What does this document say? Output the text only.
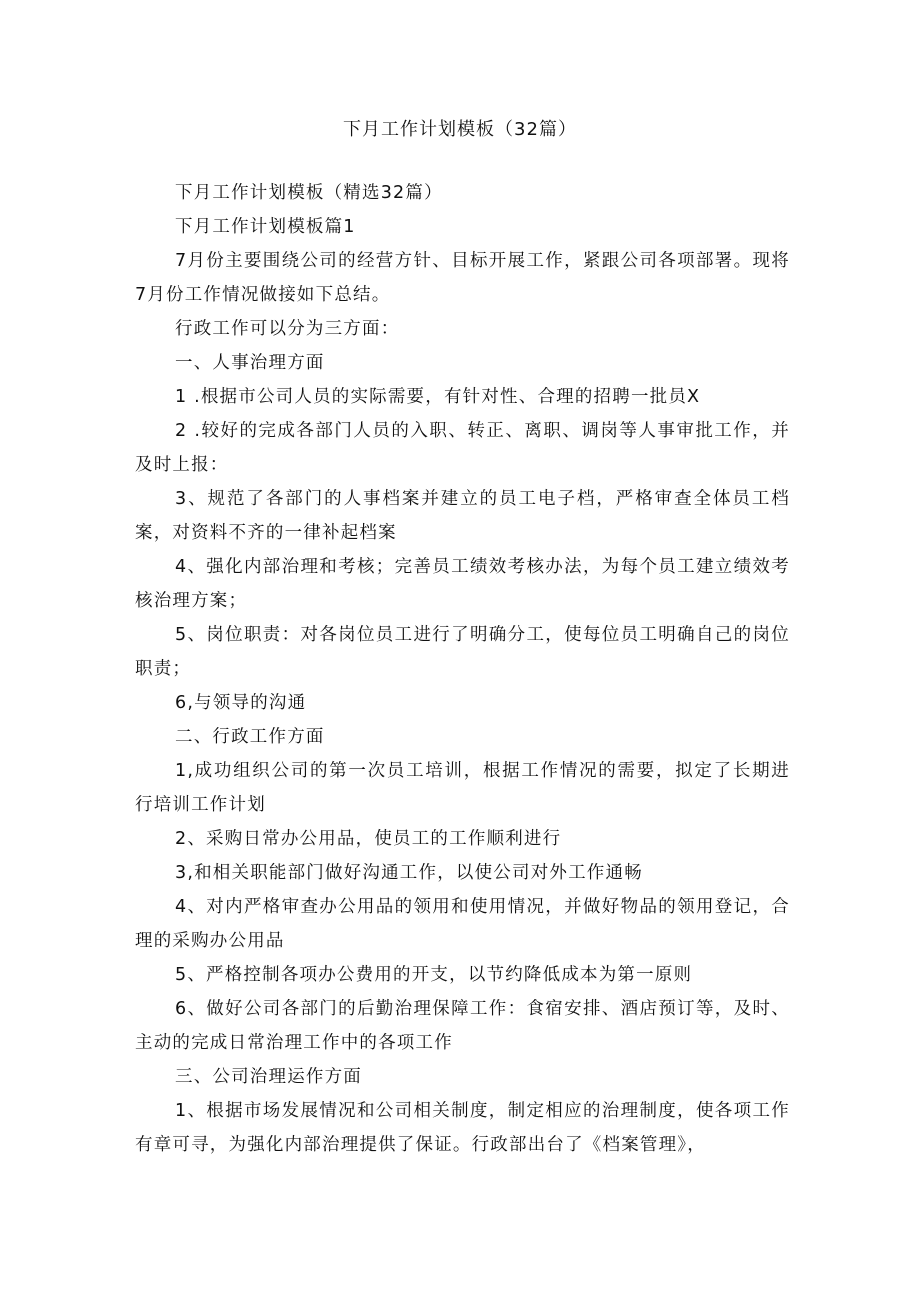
下月工作计划模板（32篇）

下月工作计划模板（精选32篇）

下月工作计划模板篇1

7月份主要围绕公司的经营方针、目标开展工作，紧跟公司各项部署。现将7月份工作情况做接如下总结。

行政工作可以分为三方面：

一、人事治理方面

1 .根据市公司人员的实际需要，有针对性、合理的招聘一批员X

2 .较好的完成各部门人员的入职、转正、离职、调岗等人事审批工作，并及时上报：

3、规范了各部门的人事档案并建立的员工电子档，严格审查全体员工档案，对资料不齐的一律补起档案

4、强化内部治理和考核；完善员工绩效考核办法，为每个员工建立绩效考核治理方案；

5、岗位职责：对各岗位员工进行了明确分工，使每位员工明确自己的岗位职责；

6,与领导的沟通

二、行政工作方面

1,成功组织公司的第一次员工培训，根据工作情况的需要，拟定了长期进行培训工作计划

2、采购日常办公用品，使员工的工作顺利进行

3,和相关职能部门做好沟通工作，以使公司对外工作通畅

4、对内严格审查办公用品的领用和使用情况，并做好物品的领用登记，合理的采购办公用品

5、严格控制各项办公费用的开支，以节约降低成本为第一原则

6、做好公司各部门的后勤治理保障工作：食宿安排、酒店预订等，及时、主动的完成日常治理工作中的各项工作

三、公司治理运作方面

1、根据市场发展情况和公司相关制度，制定相应的治理制度，使各项工作有章可寻，为强化内部治理提供了保证。行政部出台了《档案管理》，
